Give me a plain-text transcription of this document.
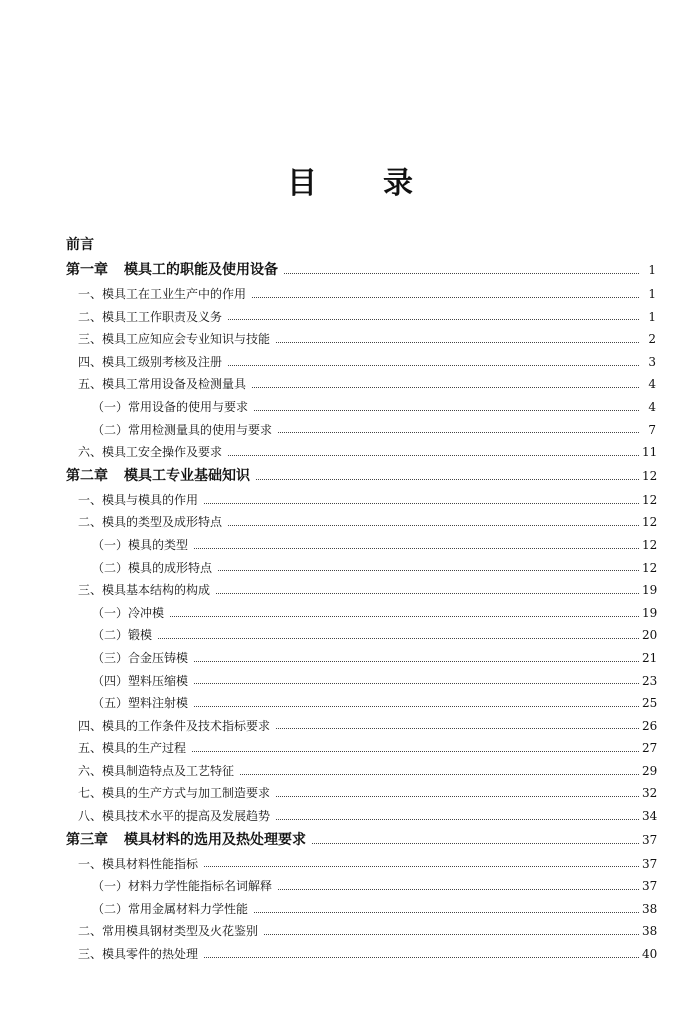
目 录
前言
第一章 模具工的职能及使用设备	1
一、模具工在工业生产中的作用	1
二、模具工工作职责及义务	1
三、模具工应知应会专业知识与技能	2
四、模具工级别考核及注册	3
五、模具工常用设备及检测量具	4
（一）常用设备的使用与要求	4
（二）常用检测量具的使用与要求	7
六、模具工安全操作及要求	11
第二章 模具工专业基础知识	12
一、模具与模具的作用	12
二、模具的类型及成形特点	12
（一）模具的类型	12
（二）模具的成形特点	12
三、模具基本结构的构成	19
（一）冷冲模	19
（二）锻模	20
（三）合金压铸模	21
（四）塑料压缩模	23
（五）塑料注射模	25
四、模具的工作条件及技术指标要求	26
五、模具的生产过程	27
六、模具制造特点及工艺特征	29
七、模具的生产方式与加工制造要求	32
八、模具技术水平的提高及发展趋势	34
第三章 模具材料的选用及热处理要求	37
一、模具材料性能指标	37
（一）材料力学性能指标名词解释	37
（二）常用金属材料力学性能	38
二、常用模具钢材类型及火花鉴别	38
三、模具零件的热处理	40
